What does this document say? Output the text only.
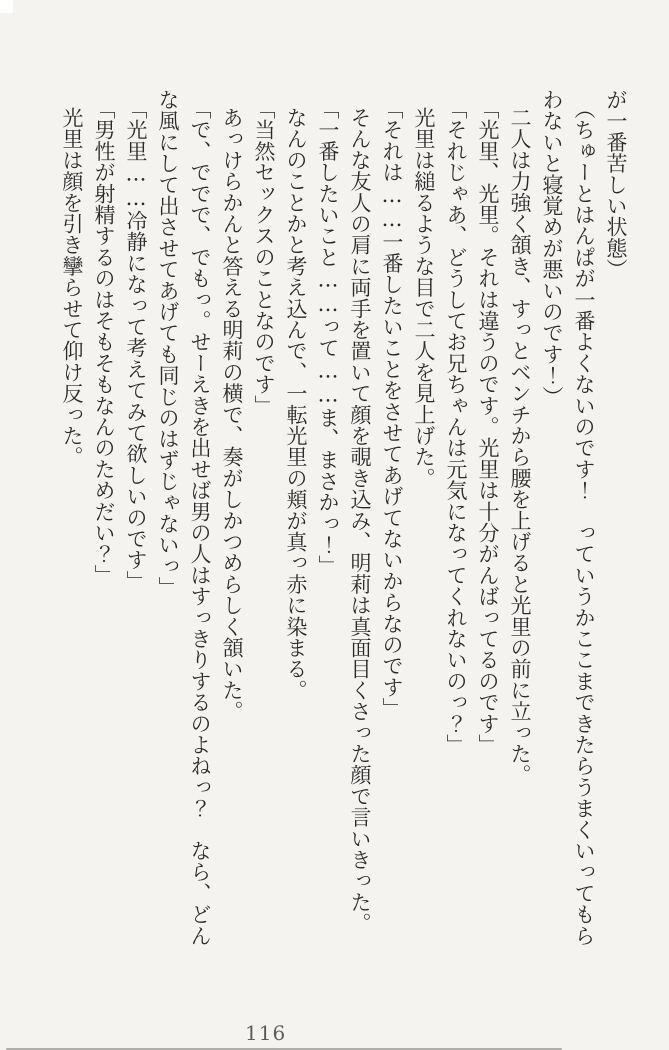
が一番苦しい状態）

（ちゅーとはんぱが一番よくないのです！　っていうかここまできたらうまくいってもら

わないと寝覚めが悪いのです！）

二人は力強く頷き、すっとベンチから腰を上げると光里の前に立った。

「光里、光里。それは違うのです。光里は十分がんばってるのです」

「それじゃあ、どうしてお兄ちゃんは元気になってくれないのっ？」

光里は縋るような目で二人を見上げた。

「それは……一番したいことをさせてあげてないからなのです」

そんな友人の肩に両手を置いて顔を覗き込み、明莉は真面目くさった顔で言いきった。

「一番したいこと……って……ま、まさかっ！」

なんのことかと考え込んで、一転光里の頬が真っ赤に染まる。

「当然セックスのことなのです」

あっけらかんと答える明莉の横で、奏がしかつめらしく頷いた。

「で、ででで、でもっ。せーえきを出せば男の人はすっきりするのよねっ？　なら、どん

な風にして出させてあげても同じのはずじゃないっ」

「光里……冷静になって考えてみて欲しいのです」

「男性が射精するのはそもそもなんのためだい？」

光里は顔を引き攣らせて仰け反った。

116
